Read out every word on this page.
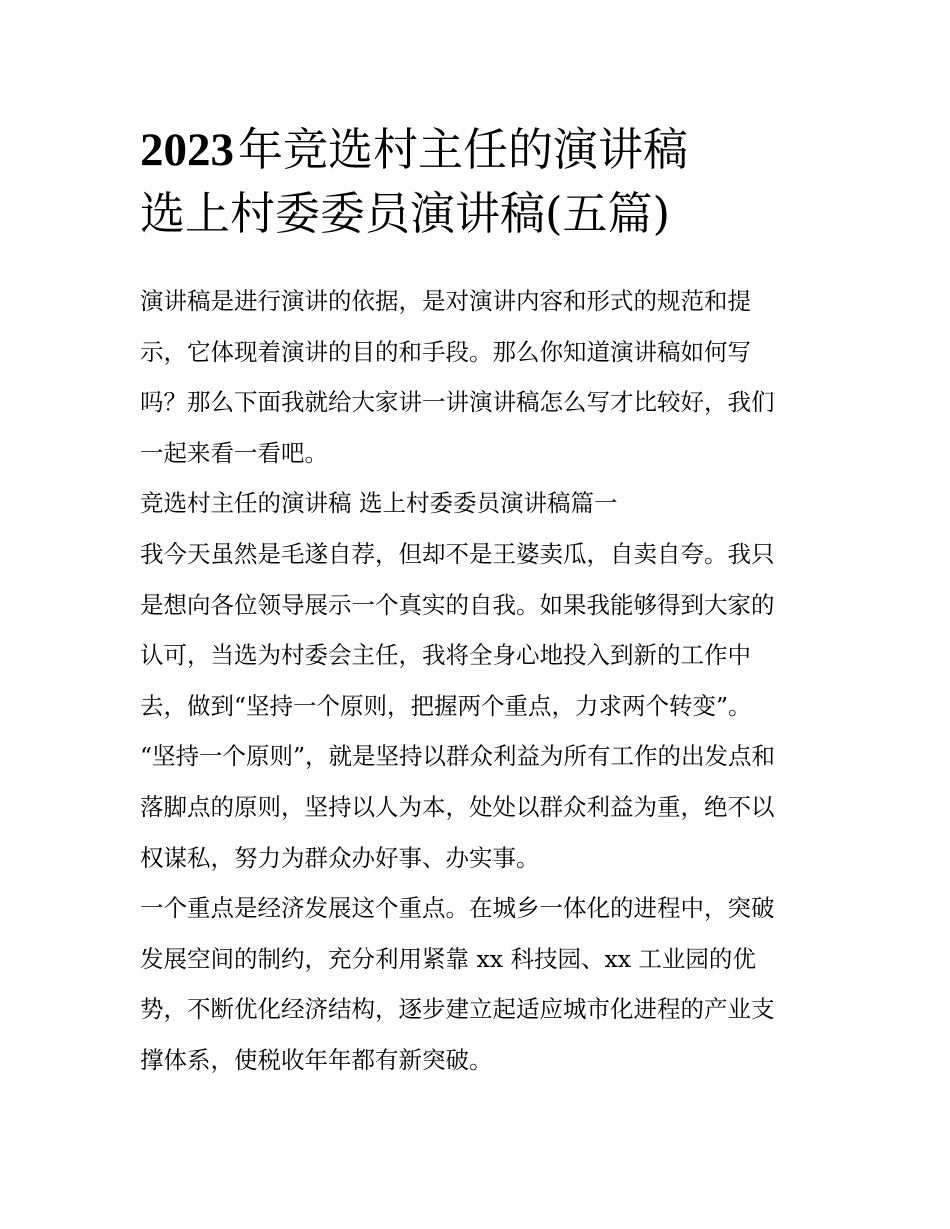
2023年竞选村主任的演讲稿
选上村委委员演讲稿(五篇)

演讲稿是进行演讲的依据，是对演讲内容和形式的规范和提
示，它体现着演讲的目的和手段。那么你知道演讲稿如何写
吗？那么下面我就给大家讲一讲演讲稿怎么写才比较好，我们
一起来看一看吧。

竞选村主任的演讲稿 选上村委委员演讲稿篇一

我今天虽然是毛遂自荐，但却不是王婆卖瓜，自卖自夸。我只
是想向各位领导展示一个真实的自我。如果我能够得到大家的
认可，当选为村委会主任，我将全身心地投入到新的工作中
去，做到“坚持一个原则，把握两个重点，力求两个转变”。

“坚持一个原则”，就是坚持以群众利益为所有工作的出发点和
落脚点的原则，坚持以人为本，处处以群众利益为重，绝不以
权谋私，努力为群众办好事、办实事。

一个重点是经济发展这个重点。在城乡一体化的进程中，突破
发展空间的制约，充分利用紧靠 xx 科技园、xx 工业园的优
势，不断优化经济结构，逐步建立起适应城市化进程的产业支
撑体系，使税收年年都有新突破。
